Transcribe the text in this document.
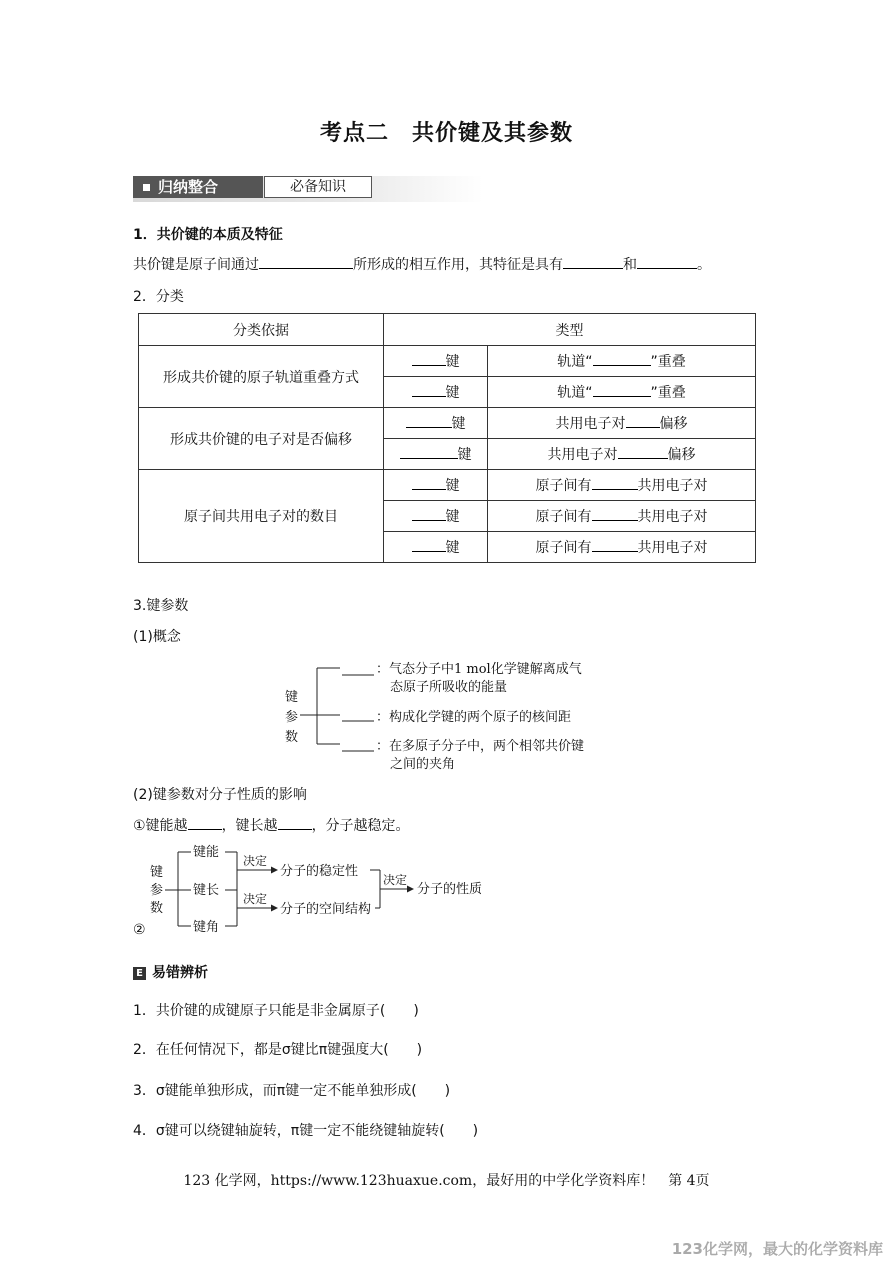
考点二　共价键及其参数
归纳整合	必备知识
1．共价键的本质及特征
共价键是原子间通过	所形成的相互作用，其特征是具有	和	。
2．分类
分类依据	类型	
形成共价键的原子轨道重叠方式	键	轨道“ ”重叠
	键	轨道“ ”重叠
形成共价键的电子对是否偏移	键	共用电子对 偏移
	键	共用电子对 偏移
原子间共用电子对的数目	键	原子间有 共用电子对
	键	原子间有 共用电子对
	键	原子间有 共用电子对
3.键参数
(1)概念
键
参
数
：气态分子中1 mol化学键解离成气
态原子所吸收的能量
：构成化学键的两个原子的核间距
：在多原子分子中，两个相邻共价键
之间的夹角
(2)键参数对分子性质的影响
①键能越 ，键长越 ，分子越稳定。
键
参
数
键能
键长
键角
决定
决定
分子的稳定性
分子的空间结构
决定
分子的性质
②
E 易错辨析
1．共价键的成键原子只能是非金属原子(　　)
2．在任何情况下，都是σ键比π键强度大(　　)
3．σ键能单独形成，而π键一定不能单独形成(　　)
4．σ键可以绕键轴旋转，π键一定不能绕键轴旋转(　　)
123 化学网，https://www.123huaxue.com，最好用的中学化学资料库！　第 4页
123化学网，最大的化学资料库
